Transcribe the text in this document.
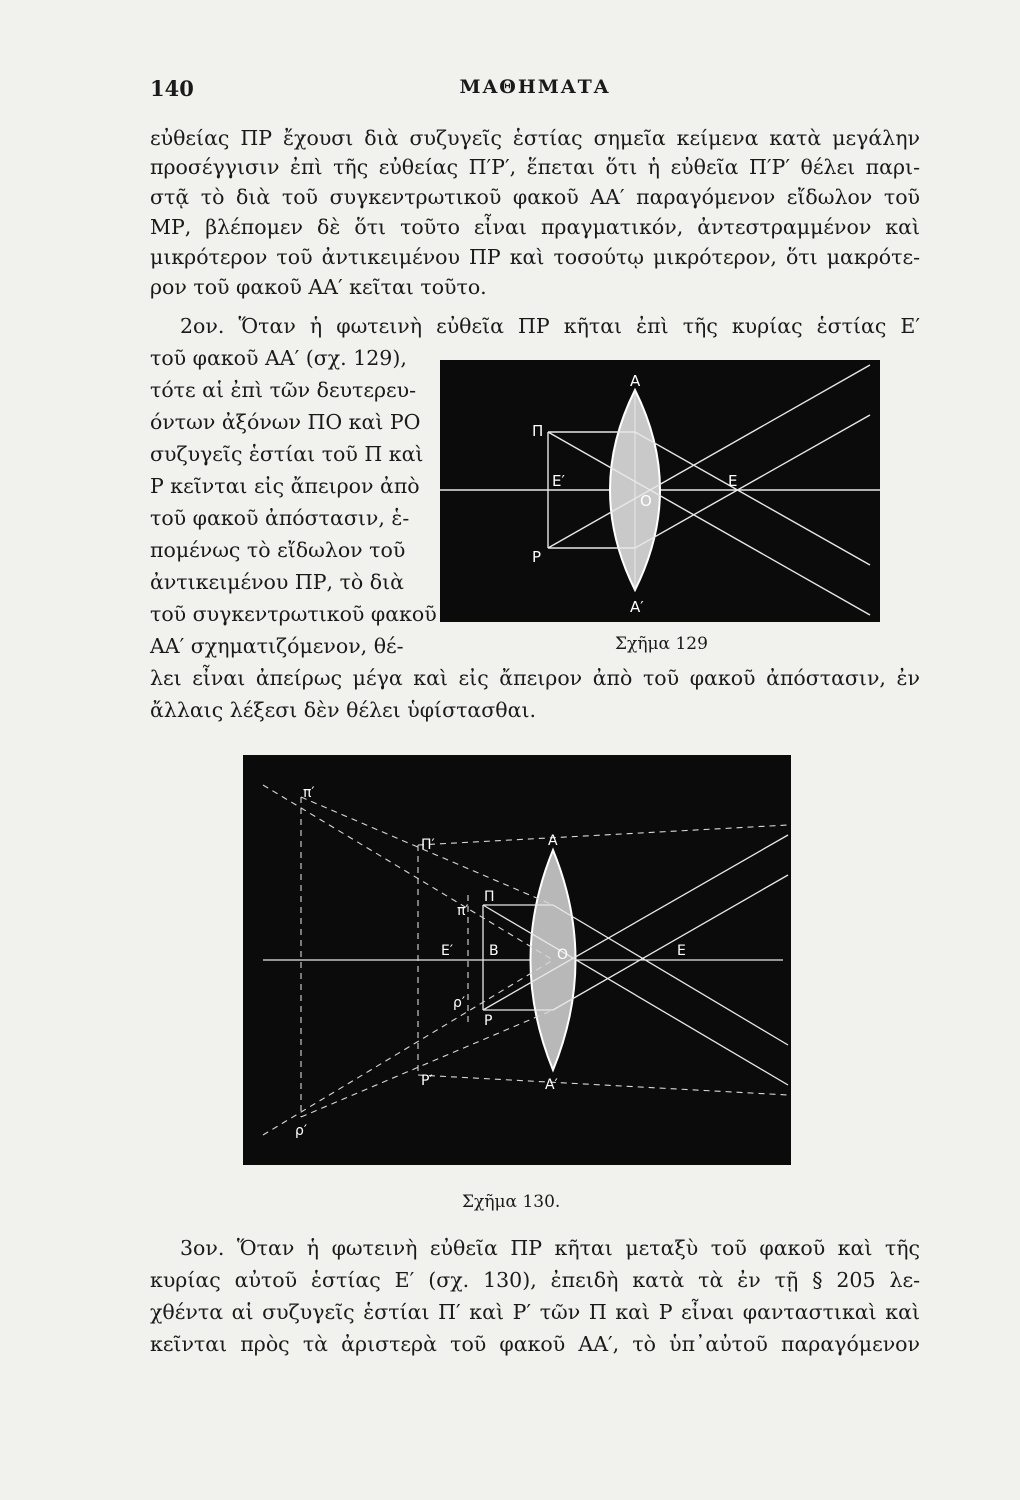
140	ΜΑΘΗΜΑΤΑ
εὐθείας ΠΡ ἔχουσι διὰ συζυγεῖς ἑστίας σημεῖα κείμενα κατὰ μεγάλην
προσέγγισιν ἐπὶ τῆς εὐθείας Π′Ρ′, ἕπεται ὅτι ἡ εὐθεῖα Π′Ρ′ θέλει παρι-
στᾷ τὸ διὰ τοῦ συγκεντρωτικοῦ φακοῦ ΑΑ′ παραγόμενον εἴδωλον τοῦ
ΜΡ, βλέπομεν δὲ ὅτι τοῦτο εἶναι πραγματικόν, ἀντεστραμμένον καὶ
μικρότερον τοῦ ἀντικειμένου ΠΡ καὶ τοσούτῳ μικρότερον, ὅτι μακρότε-
ρον τοῦ φακοῦ ΑΑ′ κεῖται τοῦτο.
2ον. Ὅταν ἡ φωτεινὴ εὐθεῖα ΠΡ κῆται ἐπὶ τῆς κυρίας ἑστίας Ε′
τοῦ φακοῦ ΑΑ′ (σχ. 129),
τότε αἱ ἐπὶ τῶν δευτερευ-
όντων ἀξόνων ΠΟ καὶ ΡΟ
συζυγεῖς ἑστίαι τοῦ Π καὶ
Ρ κεῖνται εἰς ἄπειρον ἀπὸ
τοῦ φακοῦ ἀπόστασιν, ἑ-
πομένως τὸ εἴδωλον τοῦ
ἀντικειμένου ΠΡ, τὸ διὰ
τοῦ συγκεντρωτικοῦ φακοῦ
ΑΑ′ σχηματιζόμενον, θέ-
λει εἶναι ἀπείρως μέγα καὶ εἰς ἄπειρον ἀπὸ τοῦ φακοῦ ἀπόστασιν, ἐν
ἄλλαις λέξεσι δὲν θέλει ὑφίστασθαι.
Α
Α′
Π
Ρ
Ε′
Ο
Ε
Σχῆμα 129
Α
Α′
Π
Ρ
Ε′	Β	Ο	Ε
Π′
π′
π′
Ρ′
ρ′
ρ′
Σχῆμα 130.
3ον. Ὅταν ἡ φωτεινὴ εὐθεῖα ΠΡ κῆται μεταξὺ τοῦ φακοῦ καὶ τῆς
κυρίας αὐτοῦ ἑστίας Ε′ (σχ. 130), ἐπειδὴ κατὰ τὰ ἐν τῇ § 205 λε-
χθέντα αἱ συζυγεῖς ἑστίαι Π′ καὶ Ρ′ τῶν Π καὶ Ρ εἶναι φανταστικαὶ καὶ
κεῖνται πρὸς τὰ ἀριστερὰ τοῦ φακοῦ ΑΑ′, τὸ ὑπ᾽αὐτοῦ παραγόμενον
